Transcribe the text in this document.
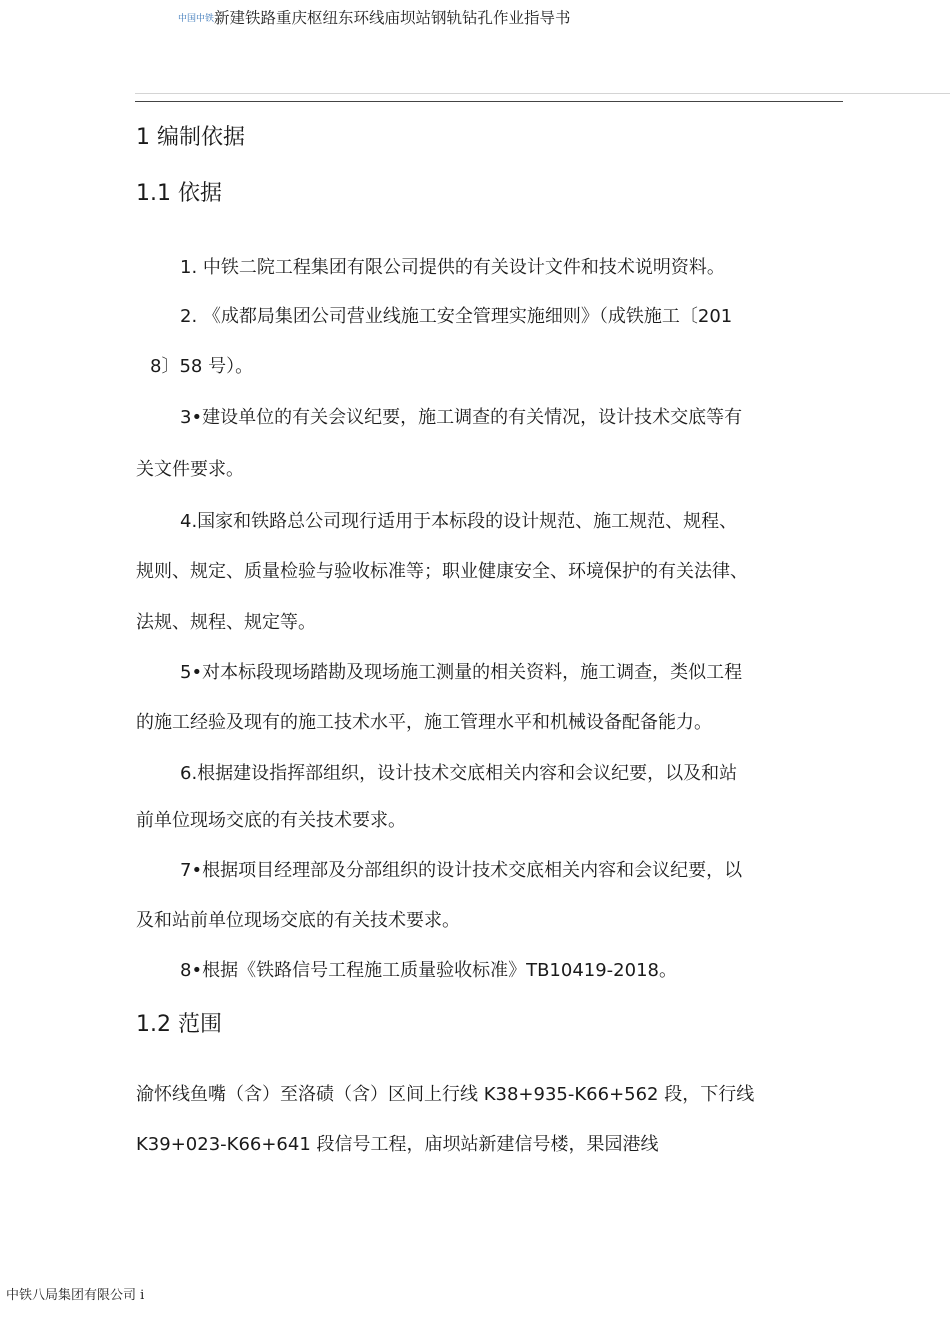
中国中铁新建铁路重庆枢纽东环线庙坝站钢轨钻孔作业指导书
1 编制依据
1.1 依据
1. 中铁二院工程集团有限公司提供的有关设计文件和技术说明资料。
2. 《成都局集团公司营业线施工安全管理实施细则》（成铁施工〔201
8〕58 号）。
3•建设单位的有关会议纪要，施工调查的有关情况，设计技术交底等有
关文件要求。
4.国家和铁路总公司现行适用于本标段的设计规范、施工规范、规程、
规则、规定、质量检验与验收标准等；职业健康安全、环境保护的有关法律、
法规、规程、规定等。
5•对本标段现场踏勘及现场施工测量的相关资料，施工调查，类似工程
的施工经验及现有的施工技术水平，施工管理水平和机械设备配备能力。
6.根据建设指挥部组织，设计技术交底相关内容和会议纪要，以及和站
前单位现场交底的有关技术要求。
7•根据项目经理部及分部组织的设计技术交底相关内容和会议纪要，以
及和站前单位现场交底的有关技术要求。
8•根据《铁路信号工程施工质量验收标准》TB10419-2018。
1.2 范围
渝怀线鱼嘴（含）至洛碛（含）区间上行线 K38+935-K66+562 段，下行线
K39+023-K66+641 段信号工程，庙坝站新建信号楼，果园港线
中铁八局集团有限公司 i
